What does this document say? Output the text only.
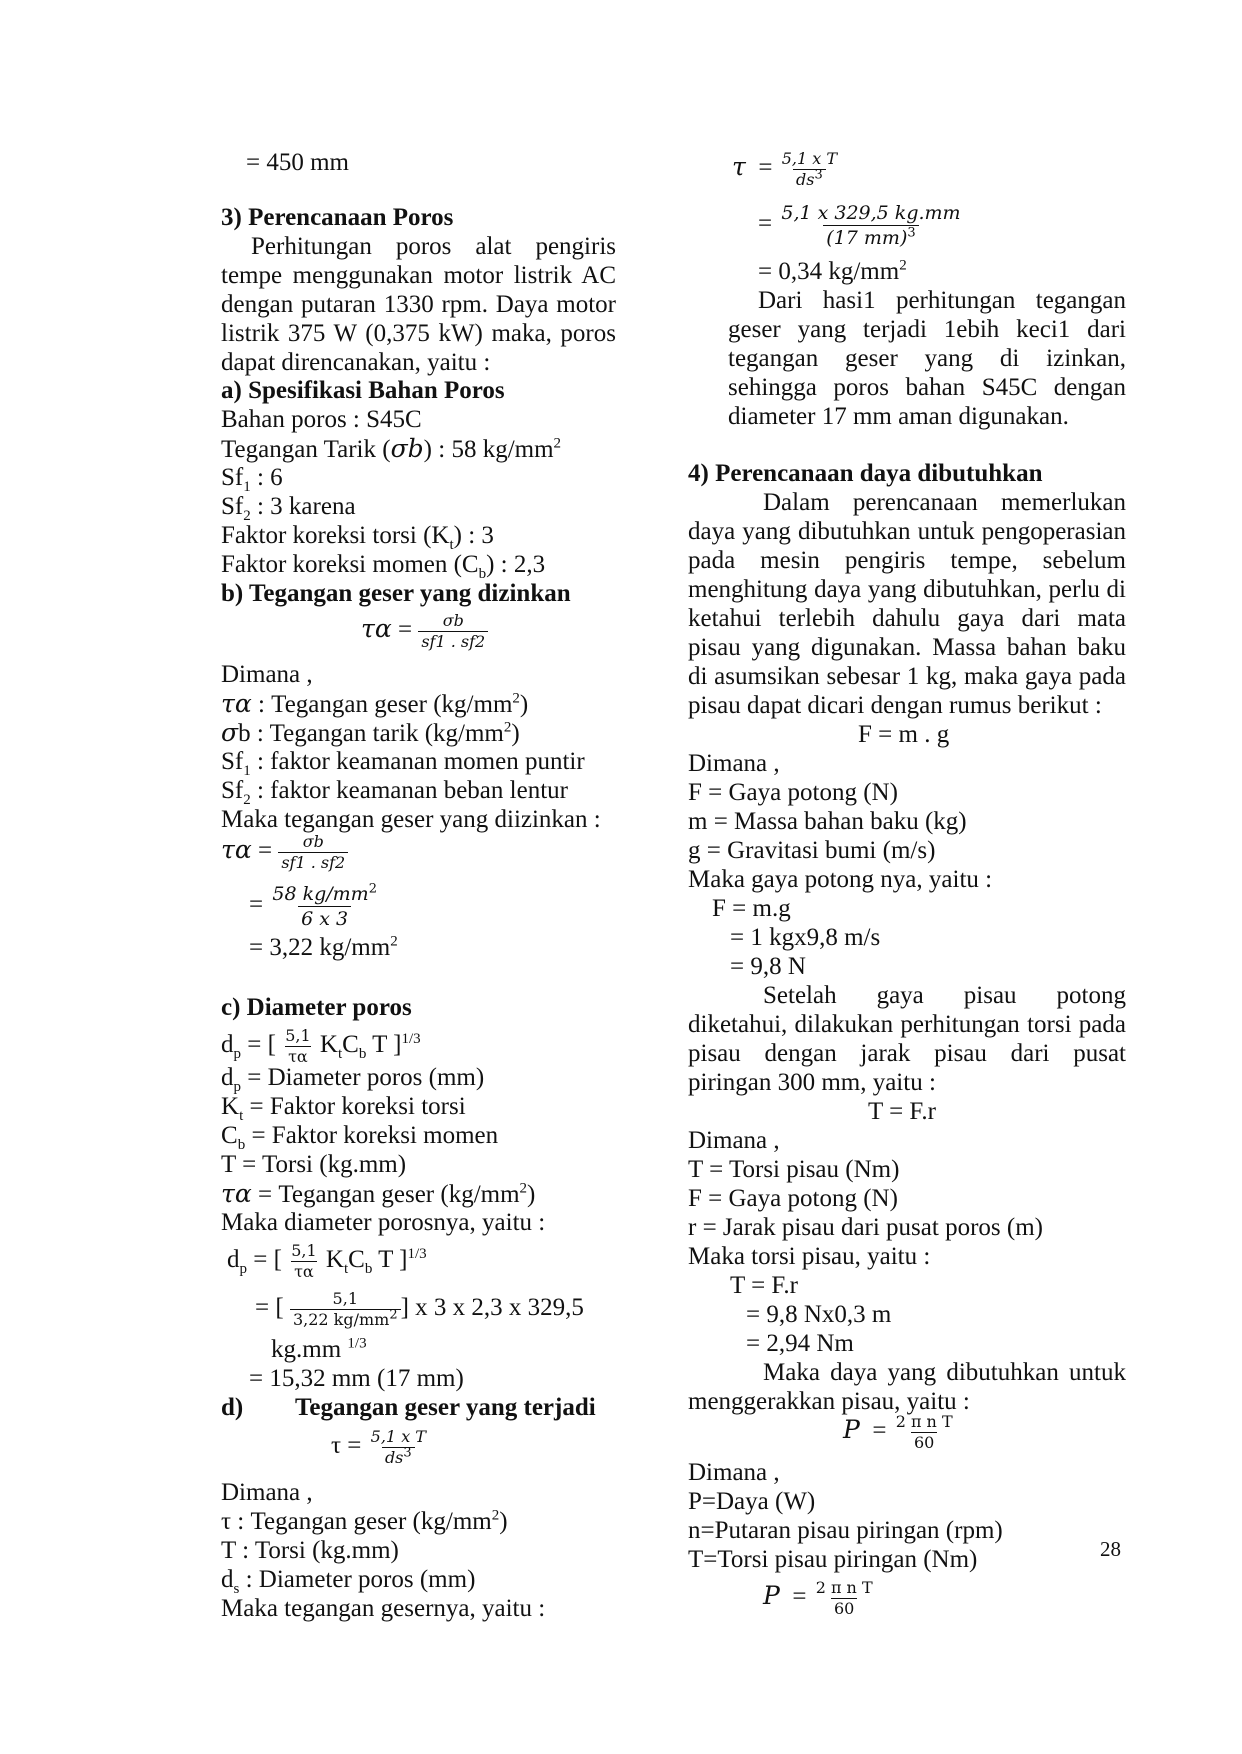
= 450 mm
3) Perencanaan Poros
Perhitungan poros alat pengiris tempe menggunakan motor listrik AC dengan putaran 1330 rpm. Daya motor listrik 375 W (0,375 kW) maka, poros dapat direncanakan, yaitu :
a) Spesifikasi Bahan Poros
Bahan poros : S45C
Tegangan Tarik (σb) : 58 $kg/mm^2$
$Sf_1$ : 6
$Sf_2$ : 3 karena
Faktor koreksi torsi $(K_t)$ : 3
Faktor koreksi momen $(C_b)$ : 2,3
b) Tegangan geser yang dizinkan
$\tau\alpha = \frac{\sigma b}{sf1 . sf2}$
Dimana ,
τα : Tegangan geser $(kg/mm^2)$
σb : Tegangan tarik $(kg/mm^2)$
$Sf_1$ : faktor keamanan momen puntir
$Sf_2$ : faktor keamanan beban lentur
Maka tegangan geser yang diizinkan :
$\tau\alpha = \frac{\sigma b}{sf1 . sf2}$
= $\frac{58 kg/mm^2}{6 x 3}$
= 3,22 $kg/mm^2$
c) Diameter poros
$d_p$ = [ $\frac{5,1}{\tau\alpha} K_tC_b$ T ]$^{1/3}$
$d_p$ = Diameter poros (mm)
$K_t$ = Faktor koreksi torsi
$C_b$ = Faktor koreksi momen
T = Torsi (kg.mm)
τα = Tegangan geser $(kg/mm^2)$
Maka diameter porosnya, yaitu :
$d_p$ = [ $\frac{5,1}{\tau\alpha} K_tC_b$ T ]$^{1/3}$
= [ $\frac{5,1}{3,22 kg/mm^2}$ ] x 3 x 2,3 x 329,5
kg.mm $^{1/3}$
= 15,32 mm (17 mm)
d) Tegangan geser yang terjadi
$\tau = \frac{\text{5,1 x T}}{ds^3}$
Dimana ,
τ : Tegangan geser $(kg/mm^2)$
T : Torsi (kg.mm)
$d_s$ : Diameter poros (mm)
Maka tegangan gesernya, yaitu :
$\tau = \frac{\text{5,1 x T}}{ds^3}$
= $\frac{5,1 x 329,5 kg.mm}{(17 mm)^3}$
= 0,34 $kg/mm^2$
Dari hasi1 perhitungan tegangan geser yang terjadi 1ebih keci1 dari tegangan geser yang di izinkan, sehingga poros bahan S45C dengan diameter 17 mm aman digunakan.
4) Perencanaan daya dibutuhkan
Dalam perencanaan memerlukan daya yang dibutuhkan untuk pengoperasian pada mesin pengiris tempe, sebelum menghitung daya yang dibutuhkan, perlu di ketahui terlebih dahulu gaya dari mata pisau yang digunakan. Massa bahan baku di asumsikan sebesar 1 kg, maka gaya pada pisau dapat dicari dengan rumus berikut :
F = m . g
Dimana ,
F = Gaya potong (N)
m = Massa bahan baku (kg)
g = Gravitasi bumi (m/s)
Maka gaya potong nya, yaitu :
F = m.g
= 1 kgx9,8 m/s
= 9,8 N
Setelah gaya pisau potong diketahui, dilakukan perhitungan torsi pada pisau dengan jarak pisau dari pusat piringan 300 mm, yaitu :
T = F.r
Dimana ,
T = Torsi pisau (Nm)
F = Gaya potong (N)
r = Jarak pisau dari pusat poros (m)
Maka torsi pisau, yaitu :
T = F.r
= 9,8 Nx0,3 m
= 2,94 Nm
Maka daya yang dibutuhkan untuk menggerakkan pisau, yaitu :
$P = \frac{\text{2 π n T}}{60}$
Dimana ,
P=Daya (W)
n=Putaran pisau piringan (rpm)
T=Torsi pisau piringan (Nm)
$P = \frac{\text{2 π n T}}{60}$
28
